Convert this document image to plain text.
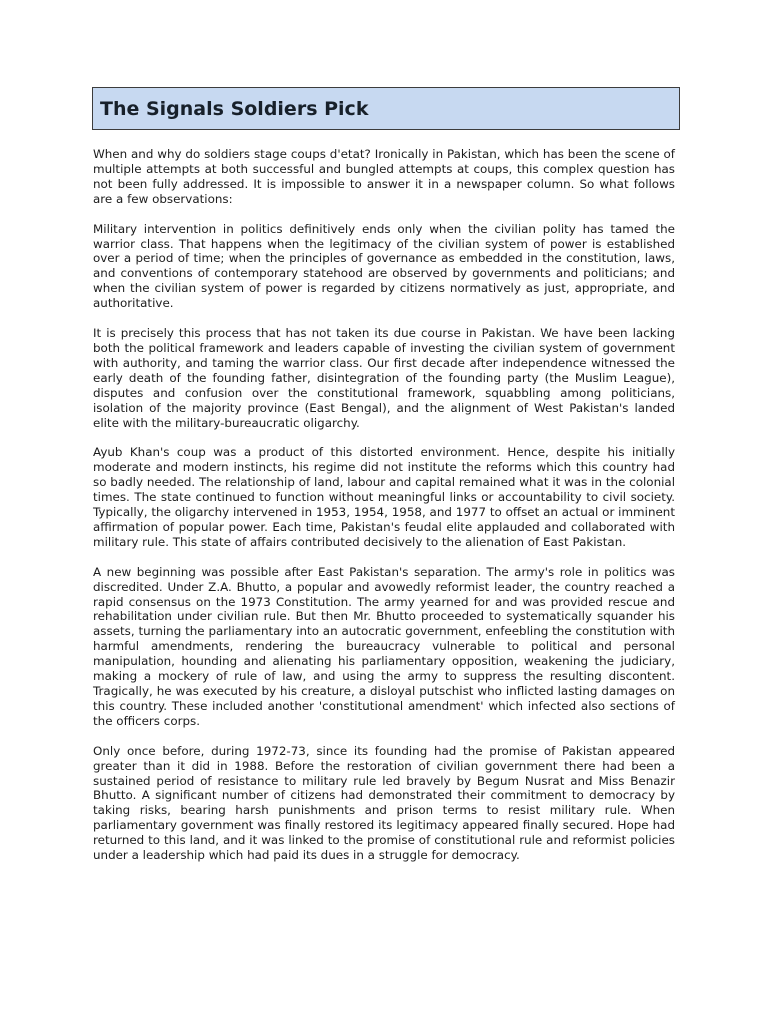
The Signals Soldiers Pick

When and why do soldiers stage coups d'etat? Ironically in Pakistan, which has been the scene of multiple attempts at both successful and bungled attempts at coups, this complex question has not been fully addressed. It is impossible to answer it in a newspaper column. So what follows are a few observations:

Military intervention in politics definitively ends only when the civilian polity has tamed the warrior class. That happens when the legitimacy of the civilian system of power is established over a period of time; when the principles of governance as embedded in the constitution, laws, and conventions of contemporary statehood are observed by governments and politicians; and when the civilian system of power is regarded by citizens normatively as just, appropriate, and authoritative.

It is precisely this process that has not taken its due course in Pakistan. We have been lacking both the political framework and leaders capable of investing the civilian system of government with authority, and taming the warrior class. Our first decade after independence witnessed the early death of the founding father, disintegration of the founding party (the Muslim League), disputes and confusion over the constitutional framework, squabbling among politicians, isolation of the majority province (East Bengal), and the alignment of West Pakistan's landed elite with the military-bureaucratic oligarchy.

Ayub Khan's coup was a product of this distorted environment. Hence, despite his initially moderate and modern instincts, his regime did not institute the reforms which this country had so badly needed. The relationship of land, labour and capital remained what it was in the colonial times. The state continued to function without meaningful links or accountability to civil society. Typically, the oligarchy intervened in 1953, 1954, 1958, and 1977 to offset an actual or imminent affirmation of popular power. Each time, Pakistan's feudal elite applauded and collaborated with military rule. This state of affairs contributed decisively to the alienation of East Pakistan.

A new beginning was possible after East Pakistan's separation. The army's role in politics was discredited. Under Z.A. Bhutto, a popular and avowedly reformist leader, the country reached a rapid consensus on the 1973 Constitution. The army yearned for and was provided rescue and rehabilitation under civilian rule. But then Mr. Bhutto proceeded to systematically squander his assets, turning the parliamentary into an autocratic government, enfeebling the constitution with harmful amendments, rendering the bureaucracy vulnerable to political and personal manipulation, hounding and alienating his parliamentary opposition, weakening the judiciary, making a mockery of rule of law, and using the army to suppress the resulting discontent. Tragically, he was executed by his creature, a disloyal putschist who inflicted lasting damages on this country. These included another 'constitutional amendment' which infected also sections of the officers corps.

Only once before, during 1972-73, since its founding had the promise of Pakistan appeared greater than it did in 1988. Before the restoration of civilian government there had been a sustained period of resistance to military rule led bravely by Begum Nusrat and Miss Benazir Bhutto. A significant number of citizens had demonstrated their commitment to democracy by taking risks, bearing harsh punishments and prison terms to resist military rule. When parliamentary government was finally restored its legitimacy appeared finally secured. Hope had returned to this land, and it was linked to the promise of constitutional rule and reformist policies under a leadership which had paid its dues in a struggle for democracy.
